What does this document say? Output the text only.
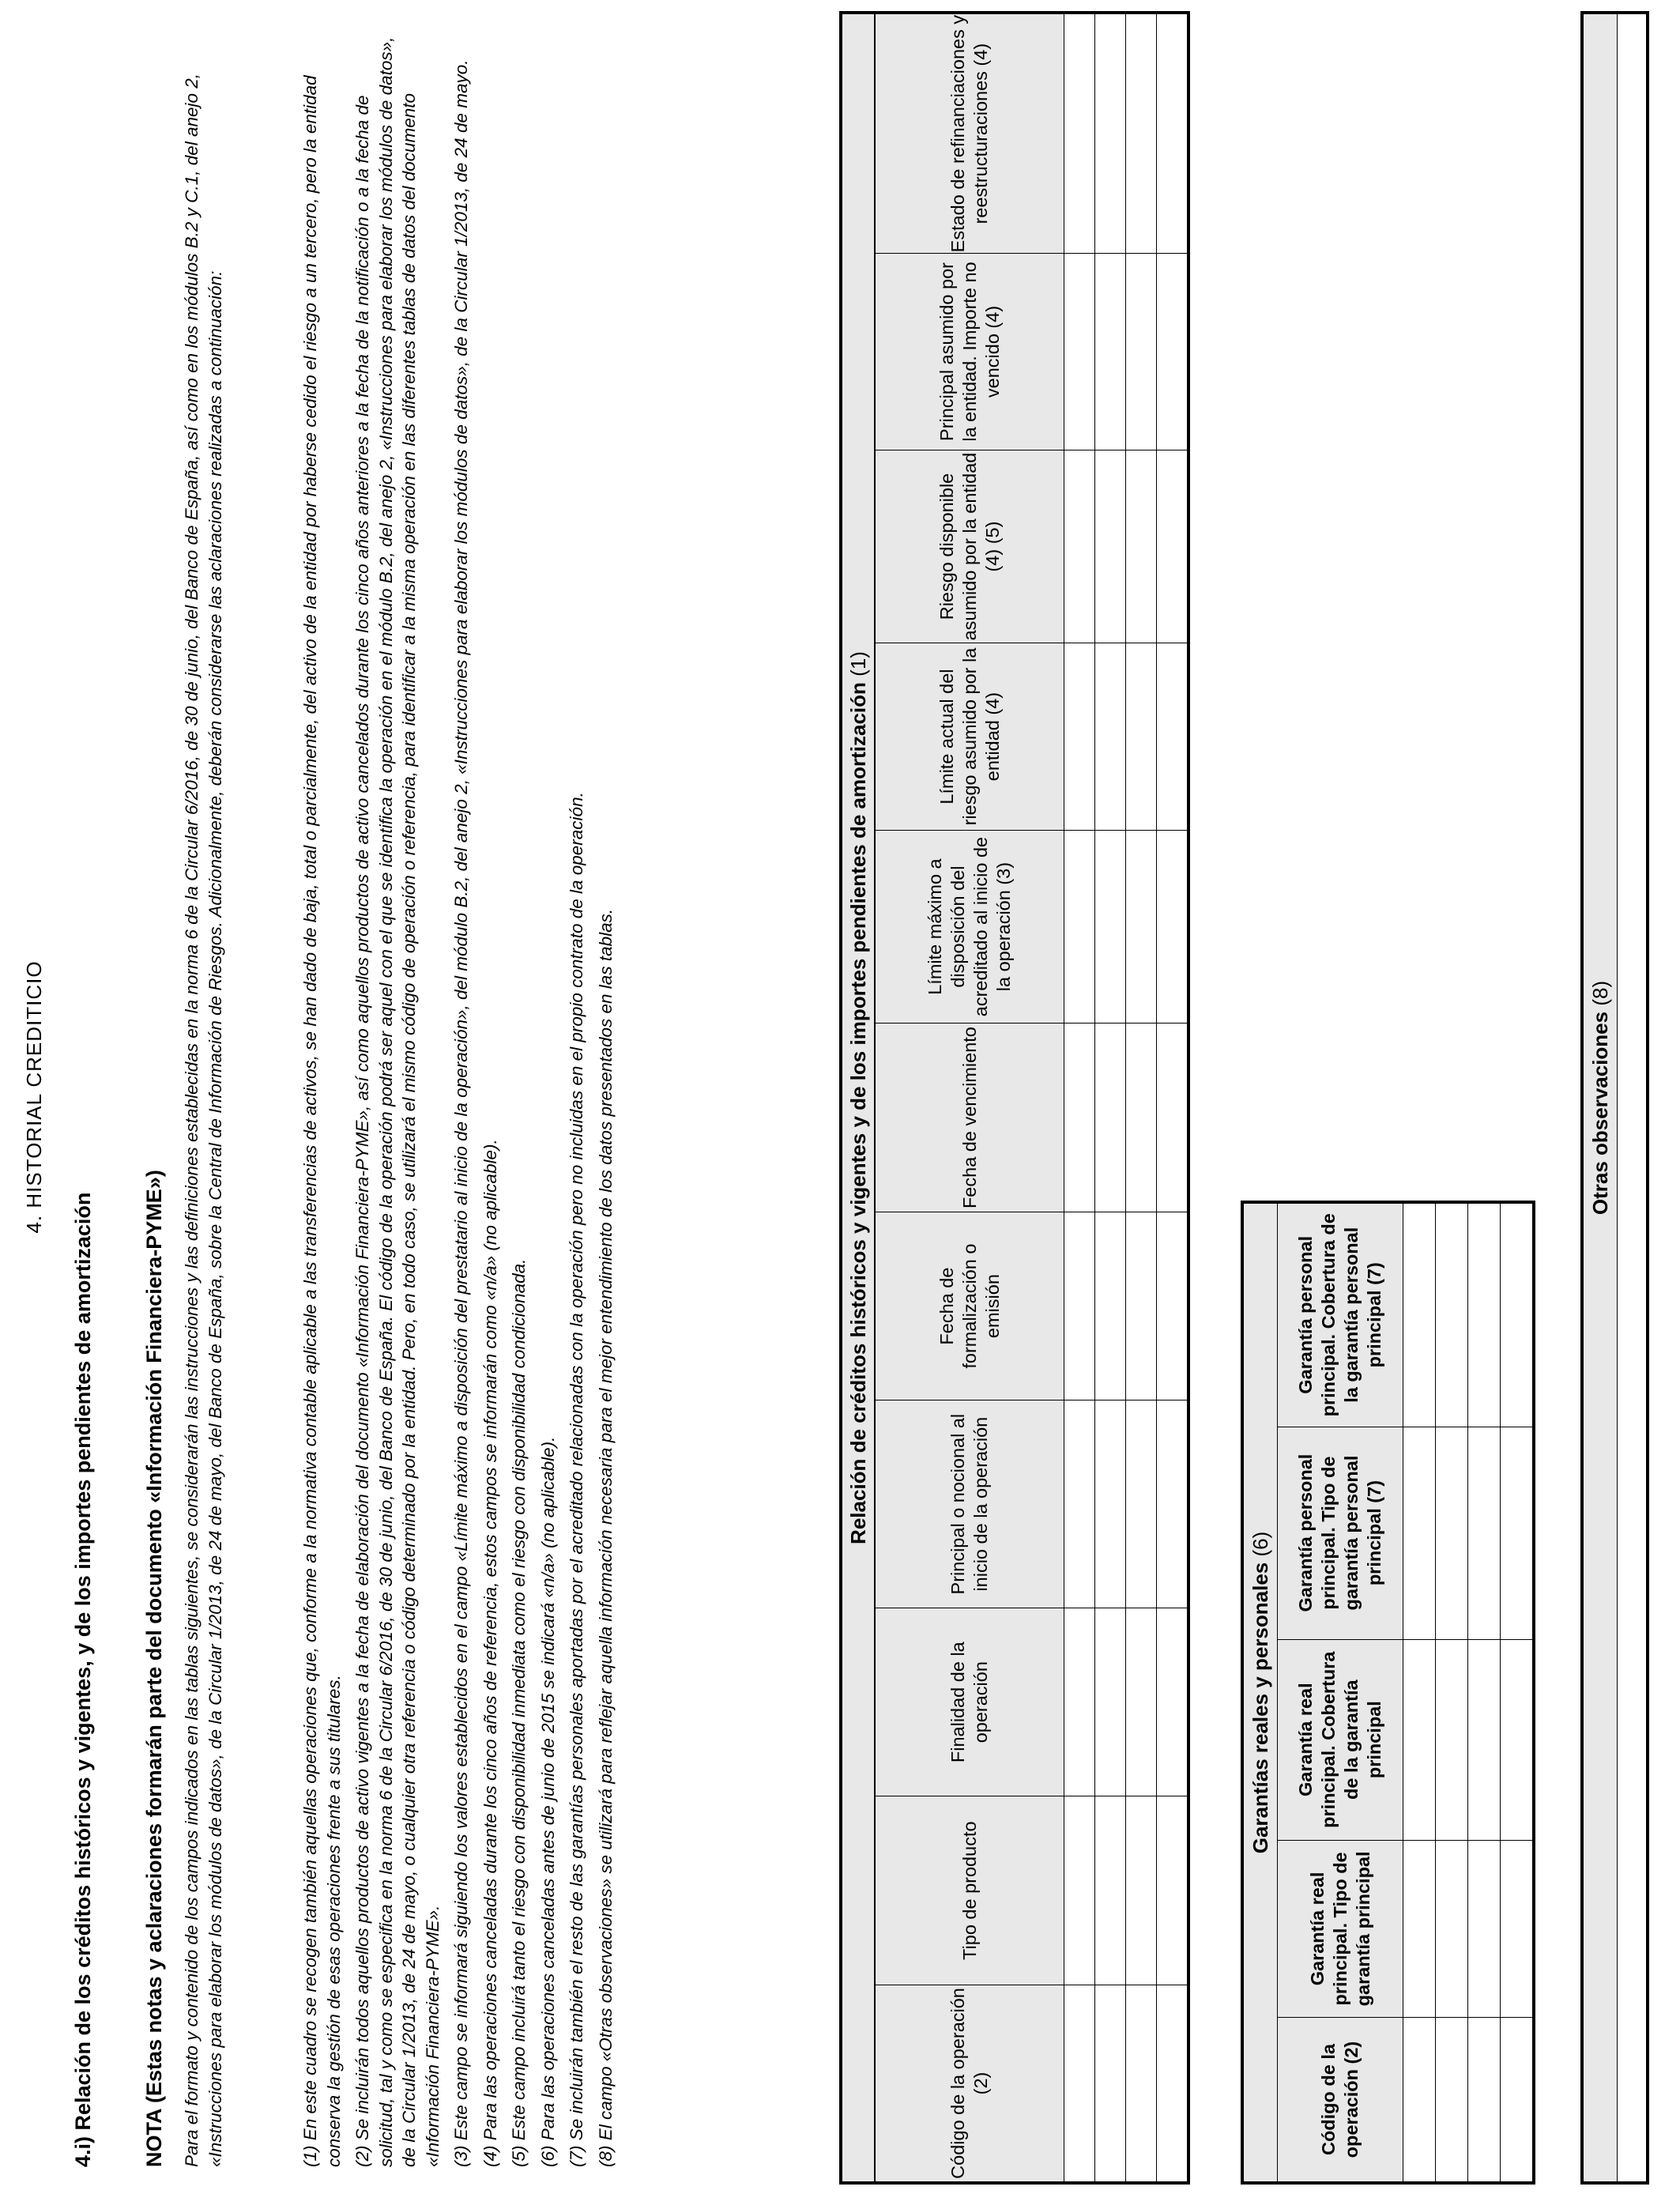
4. HISTORIAL CREDITICIO
4.i) Relación de los créditos históricos y vigentes, y de los importes pendientes de amortización NOTA (Estas notas y aclaraciones formarán parte del documento «Información Financiera-PYME») Para el formato y contenido de los campos indicados en las tablas siguientes, se considerarán las instrucciones y las definiciones establecidas en la norma 6 de la Circular 6/2016, de 30 de junio, del Banco de España, así como en los módulos B.2 y C.1, del anejo 2, «Instrucciones para elaborar los módulos de datos», de la Circular 1/2013, de 24 de mayo, del Banco de España, sobre la Central de Información de Riesgos. Adicionalmente, deberán considerarse las aclaraciones realizadas a continuación:	(1) En este cuadro se recogen también aquellas operaciones que, conforme a la normativa contable aplicable a las transferencias de activos, se han dado de baja, total o parcialmente, del activo de la entidad por haberse cedido el riesgo a un tercero, pero la entidad conserva la gestión de esas operaciones frente a sus titulares. (2) Se incluirán todos aquellos productos de activo vigentes a la fecha de elaboración del documento «Información Financiera-PYME», así como aquellos productos de activo cancelados durante los cinco años anteriores a la fecha de la notificación o a la fecha de solicitud, tal y como se especifica en la norma 6 de la Circular 6/2016, de 30 de junio, del Banco de España. El código de la operación podrá ser aquel con el que se identifica la operación en el módulo B.2, del anejo 2, «Instrucciones para elaborar los módulos de datos», de la Circular 1/2013, de 24 de mayo, o cualquier otra referencia o código determinado por la entidad. Pero, en todo caso, se utilizará el mismo código de operación o referencia, para identificar a la misma operación en las diferentes tablas de datos del documento «Información Financiera-PYME». (3) Este campo se informará siguiendo los valores establecidos en el campo «Límite máximo a disposición del prestatario al inicio de la operación», del módulo B.2, del anejo 2, «Instrucciones para elaborar los módulos de datos», de la Circular 1/2013, de 24 de mayo. (4) Para las operaciones canceladas durante los cinco años de referencia, estos campos se informarán como «n/a» (no aplicable). (5) Este campo incluirá tanto el riesgo con disponibilidad inmediata como el riesgo con disponibilidad condicionada. (6) Para las operaciones canceladas antes de junio de 2015 se indicará «n/a» (no aplicable). (7) Se incluirán también el resto de las garantías personales aportadas por el acreditado relacionadas con la operación pero no incluidas en el propio contrato de la operación. (8) El campo «Otras observaciones» se utilizará para reflejar aquella información necesaria para el mejor entendimiento de los datos presentados en las tablas.	Relación de créditos históricos y vigentes y de los importes pendientes de amortización (1)										
Código de la operación (2)	Tipo de producto	Finalidad de la operación	Principal o nocional al inicio de la operación	Fecha de formalización o emisión	Fecha de vencimiento	Límite máximo a disposición del acreditado al inicio de la operación (3)	Límite actual del riesgo asumido por la entidad (4)	Riesgo disponible asumido por la entidad (4) (5)	Principal asumido por la entidad. Importe no vencido (4)	Estado de refinanciaciones y reestructuraciones (4)

Garantías reales y personales (6)				
Código de la operación (2)	Garantía real principal. Tipo de garantía principal	Garantía real principal. Cobertura de la garantía principal	Garantía personal principal. Tipo de garantía personal principal (7)	Garantía personal principal. Cobertura de la garantía personal principal (7)

Otras observaciones (8)
